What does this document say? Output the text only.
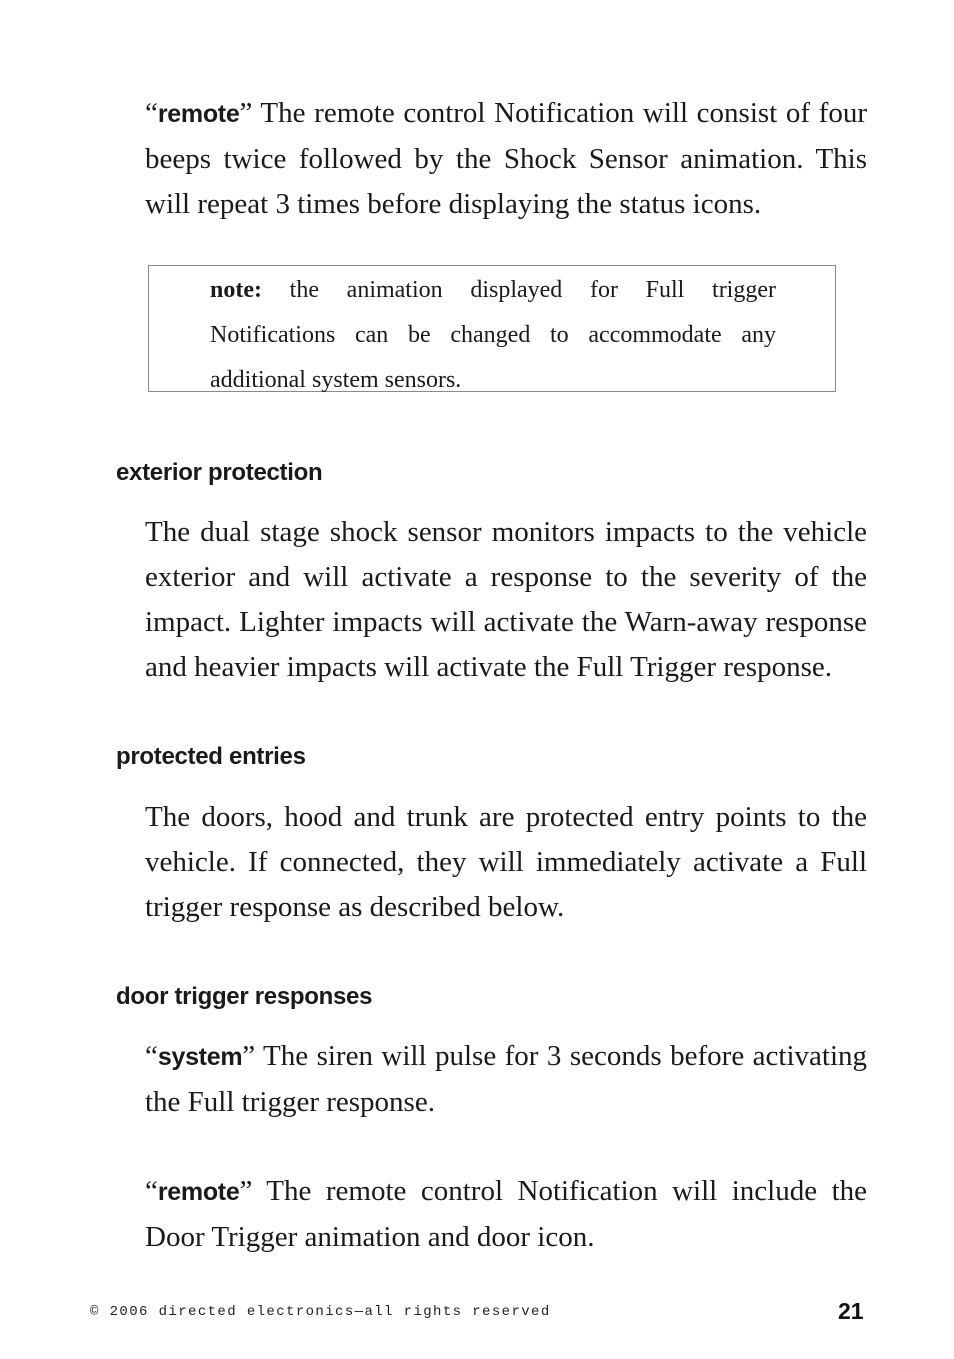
“remote” The remote control Notification will consist of four beeps twice followed by the Shock Sensor animation. This will repeat 3 times before displaying the status icons.

note: the animation displayed for Full trigger Notifications can be changed to accommodate any additional system sensors.

exterior protection

The dual stage shock sensor monitors impacts to the vehicle exterior and will activate a response to the severity of the impact. Lighter impacts will activate the Warn-away response and heavier impacts will activate the Full Trigger response.

protected entries

The doors, hood and trunk are protected entry points to the vehicle. If connected, they will immediately activate a Full trigger response as described below.

door trigger responses

“system” The siren will pulse for 3 seconds before activating the Full trigger response.

“remote” The remote control Notification will include the Door Trigger animation and door icon.

© 2006 directed electronics—all rights reserved	21
